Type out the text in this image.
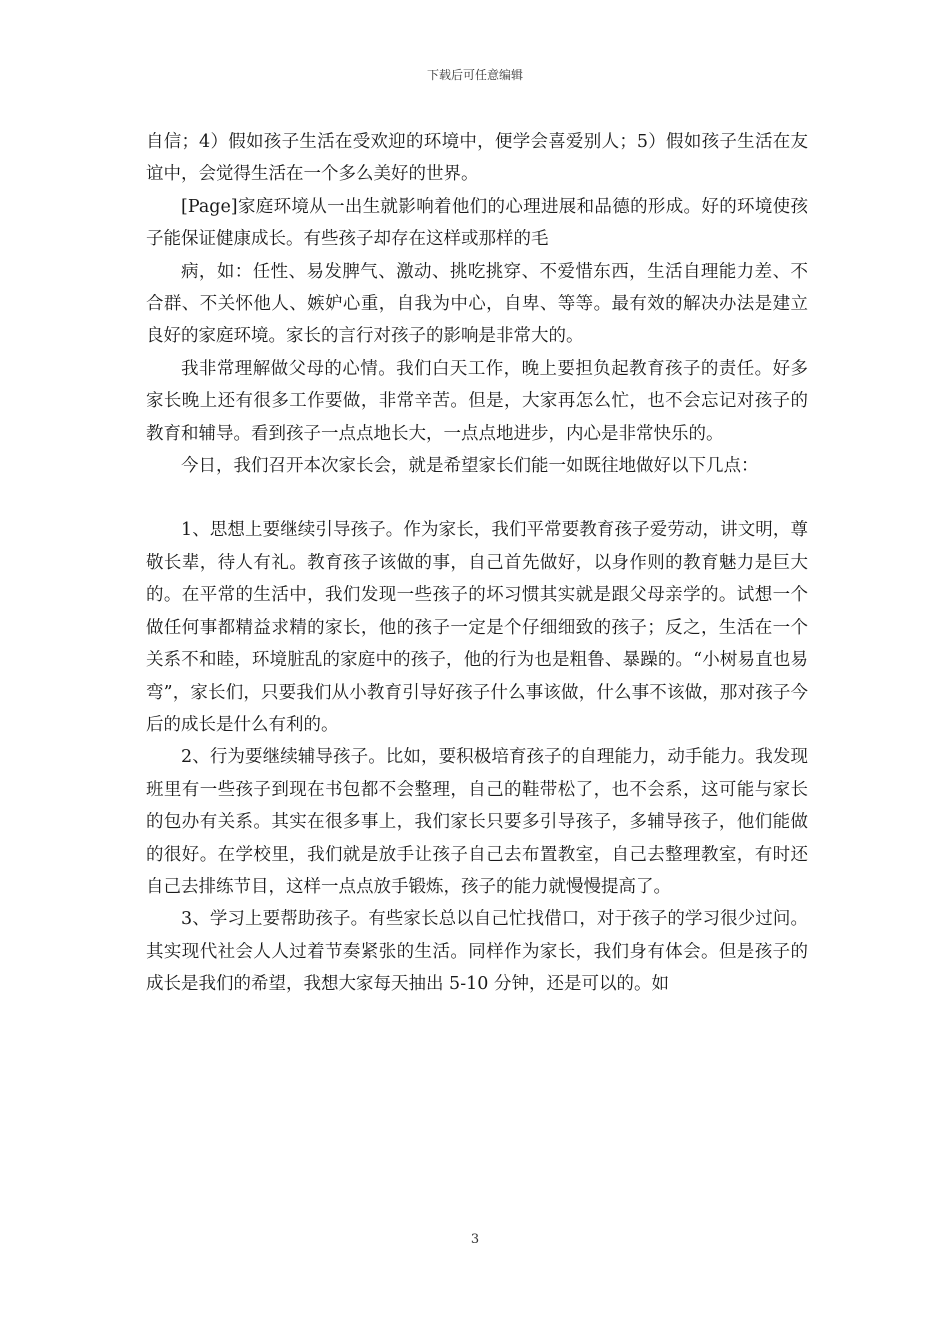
下载后可任意编辑

自信；4）假如孩子生活在受欢迎的环境中，便学会喜爱别人；5）假如孩子生活在友谊中，会觉得生活在一个多么美好的世界。

[Page]家庭环境从一出生就影响着他们的心理进展和品德的形成。好的环境使孩子能保证健康成长。有些孩子却存在这样或那样的毛

病，如：任性、易发脾气、激动、挑吃挑穿、不爱惜东西，生活自理能力差、不合群、不关怀他人、嫉妒心重，自我为中心，自卑、等等。最有效的解决办法是建立良好的家庭环境。家长的言行对孩子的影响是非常大的。

我非常理解做父母的心情。我们白天工作，晚上要担负起教育孩子的责任。好多家长晚上还有很多工作要做，非常辛苦。但是，大家再怎么忙，也不会忘记对孩子的教育和辅导。看到孩子一点点地长大，一点点地进步，内心是非常快乐的。

今日，我们召开本次家长会，就是希望家长们能一如既往地做好以下几点：

1、思想上要继续引导孩子。作为家长，我们平常要教育孩子爱劳动，讲文明，尊敬长辈，待人有礼。教育孩子该做的事，自己首先做好，以身作则的教育魅力是巨大的。在平常的生活中，我们发现一些孩子的坏习惯其实就是跟父母亲学的。试想一个做任何事都精益求精的家长，他的孩子一定是个仔细细致的孩子；反之，生活在一个关系不和睦，环境脏乱的家庭中的孩子，他的行为也是粗鲁、暴躁的。“小树易直也易弯”，家长们，只要我们从小教育引导好孩子什么事该做，什么事不该做，那对孩子今后的成长是什么有利的。

2、行为要继续辅导孩子。比如，要积极培育孩子的自理能力，动手能力。我发现班里有一些孩子到现在书包都不会整理，自己的鞋带松了，也不会系，这可能与家长的包办有关系。其实在很多事上，我们家长只要多引导孩子，多辅导孩子，他们能做的很好。在学校里，我们就是放手让孩子自己去布置教室，自己去整理教室，有时还自己去排练节目，这样一点点放手锻炼，孩子的能力就慢慢提高了。

3、学习上要帮助孩子。有些家长总以自己忙找借口，对于孩子的学习很少过问。其实现代社会人人过着节奏紧张的生活。同样作为家长，我们身有体会。但是孩子的成长是我们的希望，我想大家每天抽出 5-10 分钟，还是可以的。如

3
